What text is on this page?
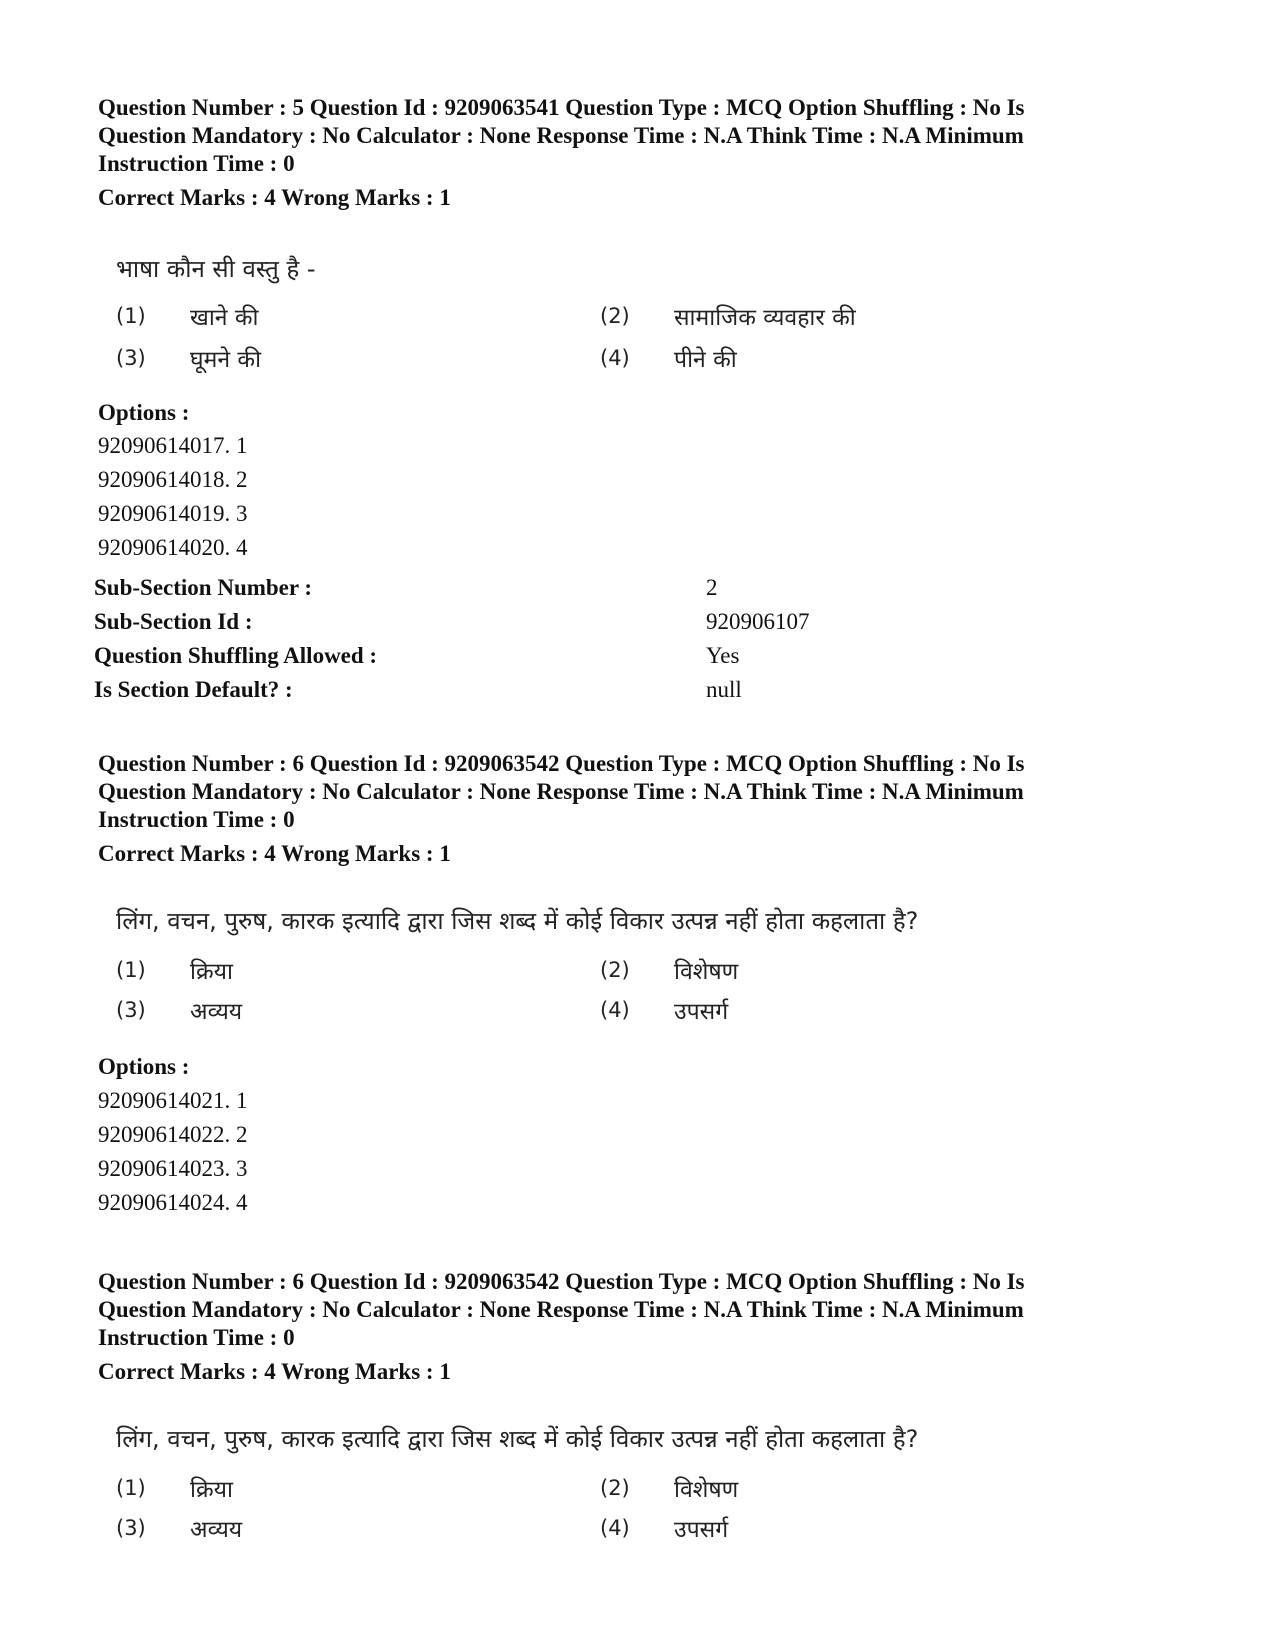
Question Number : 5 Question Id : 9209063541 Question Type : MCQ Option Shuffling : No Is Question Mandatory : No Calculator : None Response Time : N.A Think Time : N.A Minimum Instruction Time : 0
Correct Marks : 4 Wrong Marks : 1
भाषा कौन सी वस्तु है -
(1) खाने की	(2) सामाजिक व्यवहार की
(3) घूमने की	(4) पीने की
Options :
92090614017. 1
92090614018. 2
92090614019. 3
92090614020. 4
Sub-Section Number :	2
Sub-Section Id :	920906107
Question Shuffling Allowed :	Yes
Is Section Default? :	null
Question Number : 6 Question Id : 9209063542 Question Type : MCQ Option Shuffling : No Is Question Mandatory : No Calculator : None Response Time : N.A Think Time : N.A Minimum Instruction Time : 0
Correct Marks : 4 Wrong Marks : 1
लिंग, वचन, पुरुष, कारक इत्यादि द्वारा जिस शब्द में कोई विकार उत्पन्न नहीं होता कहलाता है?
(1) क्रिया	(2) विशेषण
(3) अव्यय	(4) उपसर्ग
Options :
92090614021. 1
92090614022. 2
92090614023. 3
92090614024. 4
Question Number : 6 Question Id : 9209063542 Question Type : MCQ Option Shuffling : No Is Question Mandatory : No Calculator : None Response Time : N.A Think Time : N.A Minimum Instruction Time : 0
Correct Marks : 4 Wrong Marks : 1
लिंग, वचन, पुरुष, कारक इत्यादि द्वारा जिस शब्द में कोई विकार उत्पन्न नहीं होता कहलाता है?
(1) क्रिया	(2) विशेषण
(3) अव्यय	(4) उपसर्ग
